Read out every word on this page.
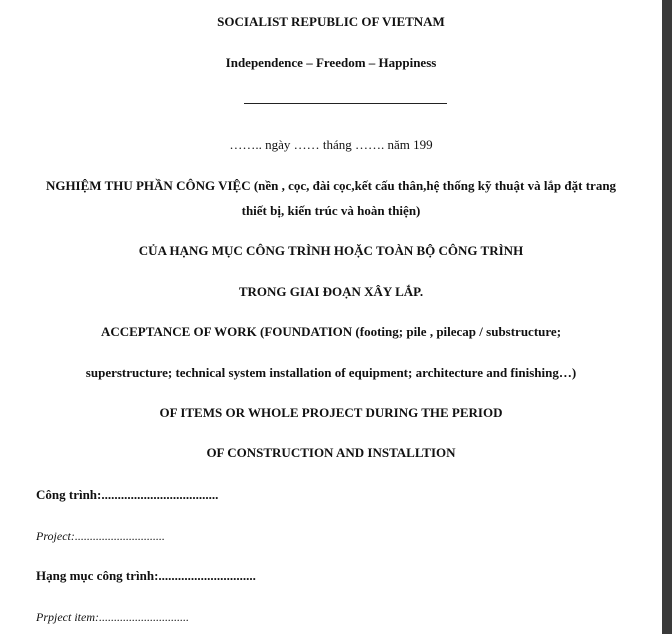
SOCIALIST REPUBLIC OF VIETNAM
Independence – Freedom – Happiness
…….. ngày …… tháng ……. năm 199
NGHIỆM THU PHẦN CÔNG VIỆC (nền , cọc, đài cọc,kết cấu thân,hệ thống kỹ thuật và lắp đặt trang
thiết bị, kiến trúc và hoàn thiện)
CỦA HẠNG MỤC CÔNG TRÌNH HOẶC TOÀN BỘ CÔNG TRÌNH
TRONG GIAI ĐOẠN XÂY LẮP.
ACCEPTANCE OF WORK (FOUNDATION (footing; pile , pilecap / substructure;
superstructure; technical system installation of equipment; architecture and finishing…)
OF ITEMS OR WHOLE PROJECT DURING THE PERIOD
OF CONSTRUCTION AND INSTALLTION
Công trình:....................................
Project:..............................
Hạng mục công trình:..............................
Prpject item:..............................
